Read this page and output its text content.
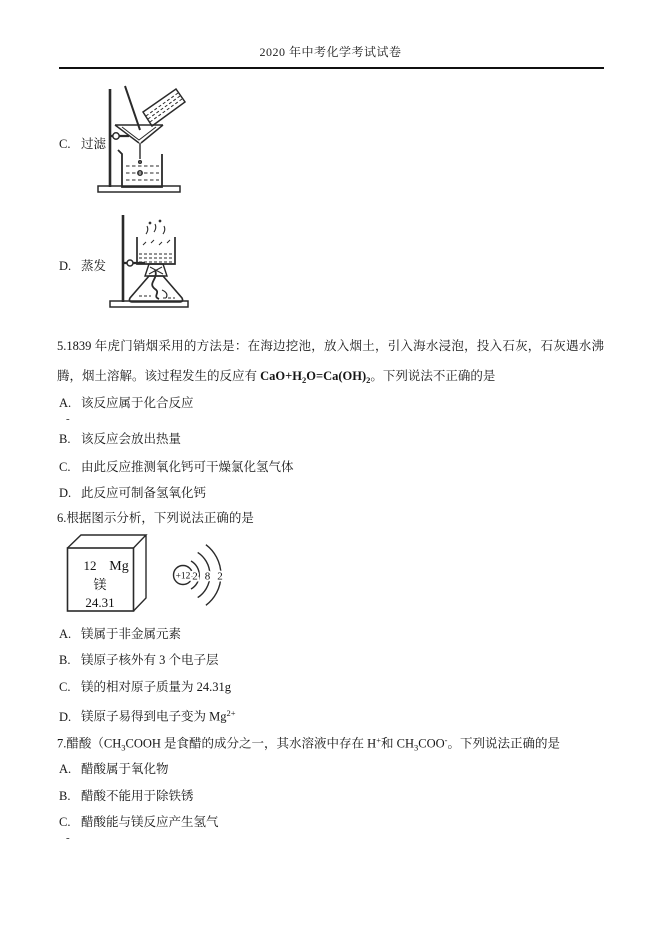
2020 年中考化学考试试卷
C. 过滤
D. 蒸发
5.1839 年虎门销烟采用的方法是：在海边挖池，放入烟土，引入海水浸泡，投入石灰，石灰遇水沸腾，烟土溶解。该过程发生的反应有 $CaO+H_2O=Ca(OH)_2$。下列说法不正确的是
A. 该反应属于化合反应
-
B. 该反应会放出热量
C. 由此反应推测氧化钙可干燥氯化氢气体
D. 此反应可制备氢氧化钙
6.根据图示分析，下列说法正确的是
12 Mg
镁
24.31
+12 2 8 2
A. 镁属于非金属元素
B. 镁原子核外有 3 个电子层
C. 镁的相对原子质量为 24.31g
D. 镁原子易得到电子变为 $Mg^{2+}$
7.醋酸（$CH_3COOH$ 是食醋的成分之一，其水溶液中存在 H+和 $CH_3COO^-$。下列说法正确的是
A. 醋酸属于氧化物
B. 醋酸不能用于除铁锈
C. 醋酸能与镁反应产生氢气
-
